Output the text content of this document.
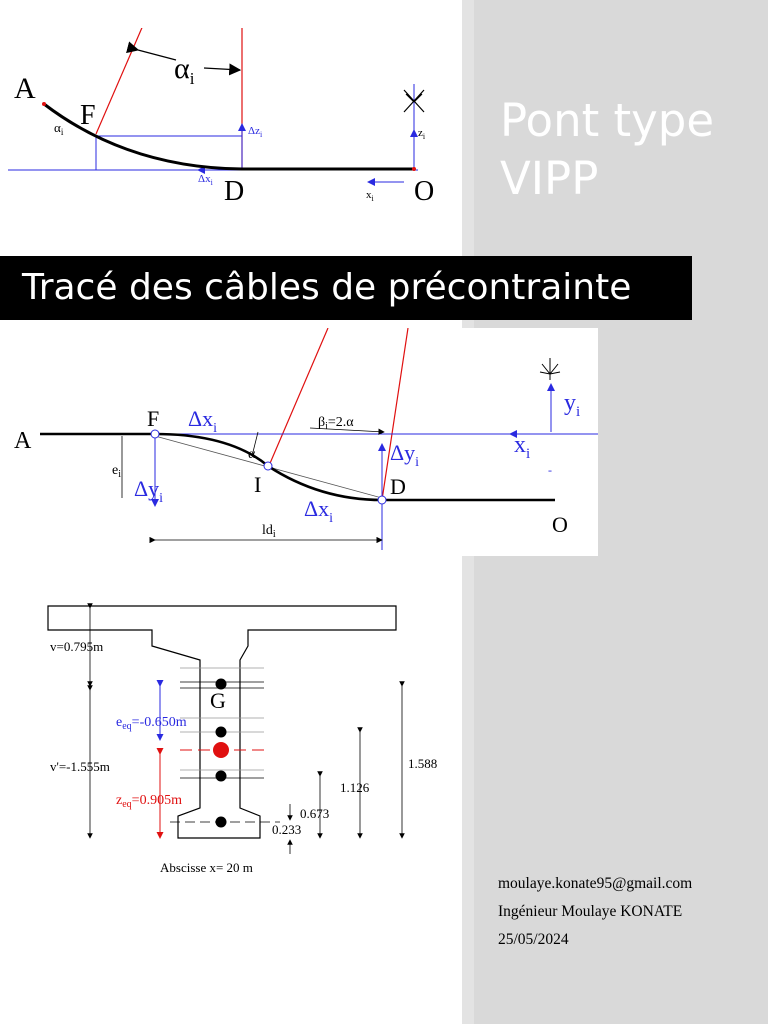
Pont type
VIPP
Tracé des câbles de précontrainte
$\alpha_i$
A
F
D	O
$\alpha_i$	$\Delta z_i$
$\Delta x_i$
$z_i$
$x_i$
A
F
I	D
O
$\Delta x_i$
$\Delta x_i$
$\Delta y_i$
$\Delta y_i$
α
$\beta_i=2.\alpha$
$e_i$
$ld_i$
$y_i$
$x_i$
-
v=0.795m
v'=-1.555m
G
$e_{eq}=-0.650m$
$z_{eq}=0.905m$
1.588
1.126
0.673
0.233
Abscisse x= 20 m
moulaye.konate95@gmail.com
Ingénieur Moulaye KONATE
25/05/2024
